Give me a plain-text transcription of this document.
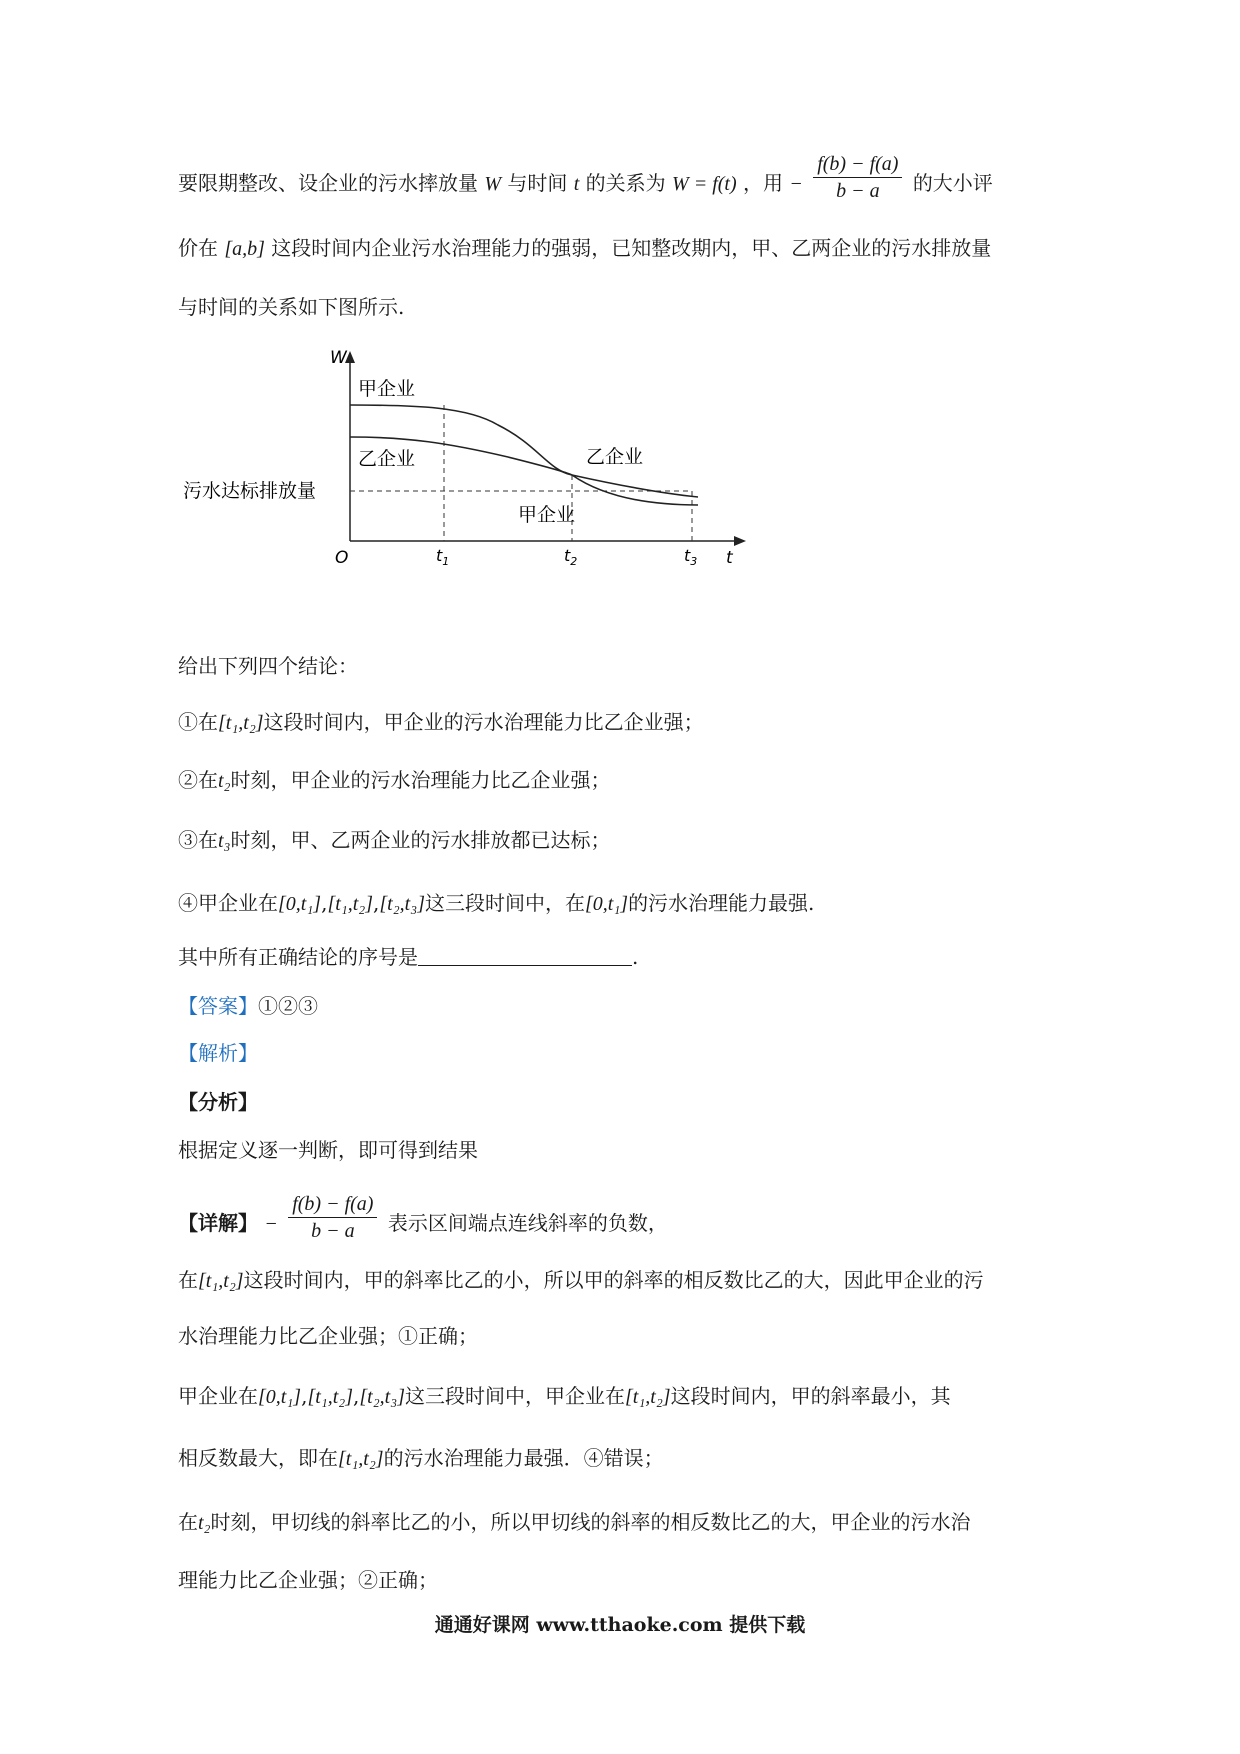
要限期整改、设企业的污水摔放量 W 与时间 t 的关系为 W = f(t) ，用 − $\frac{f(b) - f(a)}{b - a}$ 的大小评
价在 [a,b] 这段时间内企业污水治理能力的强弱，已知整改期内，甲、乙两企业的污水排放量
与时间的关系如下图所示.
W
t
O
污水达标排放量
$t_1$	$t_2$	$t_3$
甲企业
乙企业	乙企业
甲企业
给出下列四个结论：
①在[t₁,t₂]这段时间内，甲企业的污水治理能力比乙企业强；
②在t₂时刻，甲企业的污水治理能力比乙企业强；
③在t₃时刻，甲、乙两企业的污水排放都已达标；
④甲企业在[0,t₁],[t₁,t₂],[t₂,t₃]这三段时间中，在[0,t₁]的污水治理能力最强.
其中所有正确结论的序号是	.
【答案】①②③
【解析】
【分析】
根据定义逐一判断，即可得到结果
【详解】 − $\frac{f(b) - f(a)}{b - a}$ 表示区间端点连线斜率的负数，
在[t₁,t₂]这段时间内，甲的斜率比乙的小，所以甲的斜率的相反数比乙的大，因此甲企业的污
水治理能力比乙企业强；①正确；
甲企业在[0,t₁],[t₁,t₂],[t₂,t₃]这三段时间中，甲企业在[t₁,t₂]这段时间内，甲的斜率最小，其
相反数最大，即在[t₁,t₂]的污水治理能力最强．④错误；
在t₂时刻，甲切线的斜率比乙的小，所以甲切线的斜率的相反数比乙的大，甲企业的污水治
理能力比乙企业强；②正确；
通通好课网 www.tthaoke.com 提供下载
